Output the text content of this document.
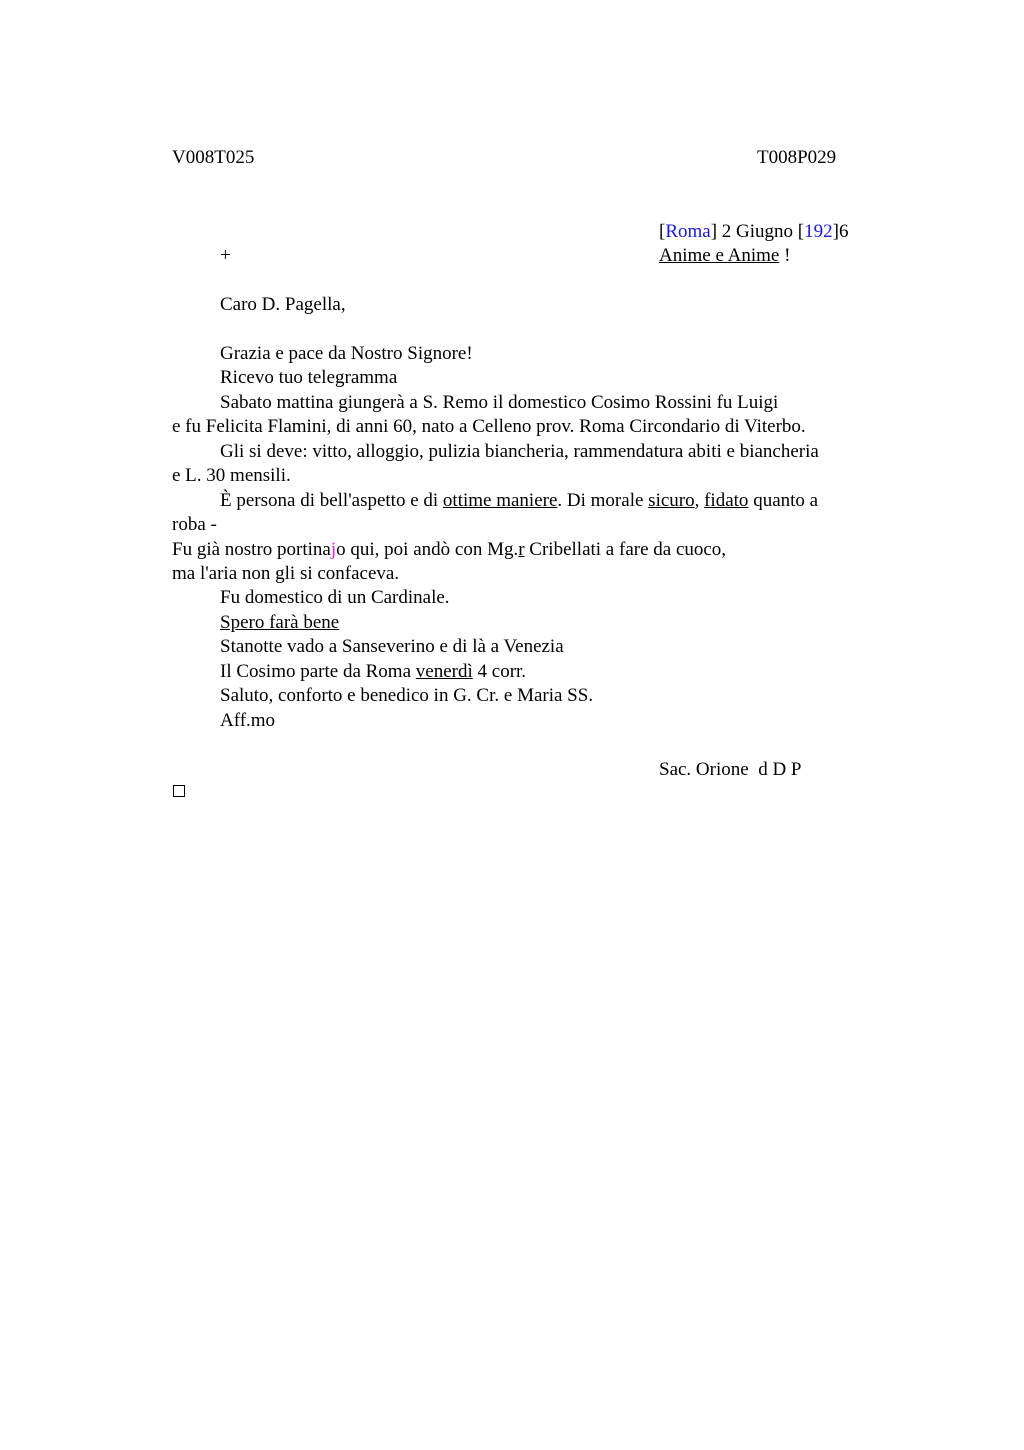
V008T025	T008P029
[Roma] 2 Giugno [192]6
+	Anime e Anime !
Caro D. Pagella,
Grazia e pace da Nostro Signore!
Ricevo tuo telegramma
Sabato mattina giungerà a S. Remo il domestico Cosimo Rossini fu Luigi
e fu Felicita Flamini, di anni 60, nato a Celleno prov. Roma Circondario di Viterbo.
Gli si deve: vitto, alloggio, pulizia biancheria, rammendatura abiti e biancheria
e L. 30 mensili.
È persona di bell'aspetto e di ottime maniere. Di morale sicuro, fidato quanto a
roba -
Fu già nostro portinajo qui, poi andò con Mg.r Cribellati a fare da cuoco,
ma l'aria non gli si confaceva.
Fu domestico di un Cardinale.
Spero farà bene
Stanotte vado a Sanseverino e di là a Venezia
Il Cosimo parte da Roma venerdì 4 corr.
Saluto, conforto e benedico in G. Cr. e Maria SS.
Aff.mo
Sac. Orione  d D P
